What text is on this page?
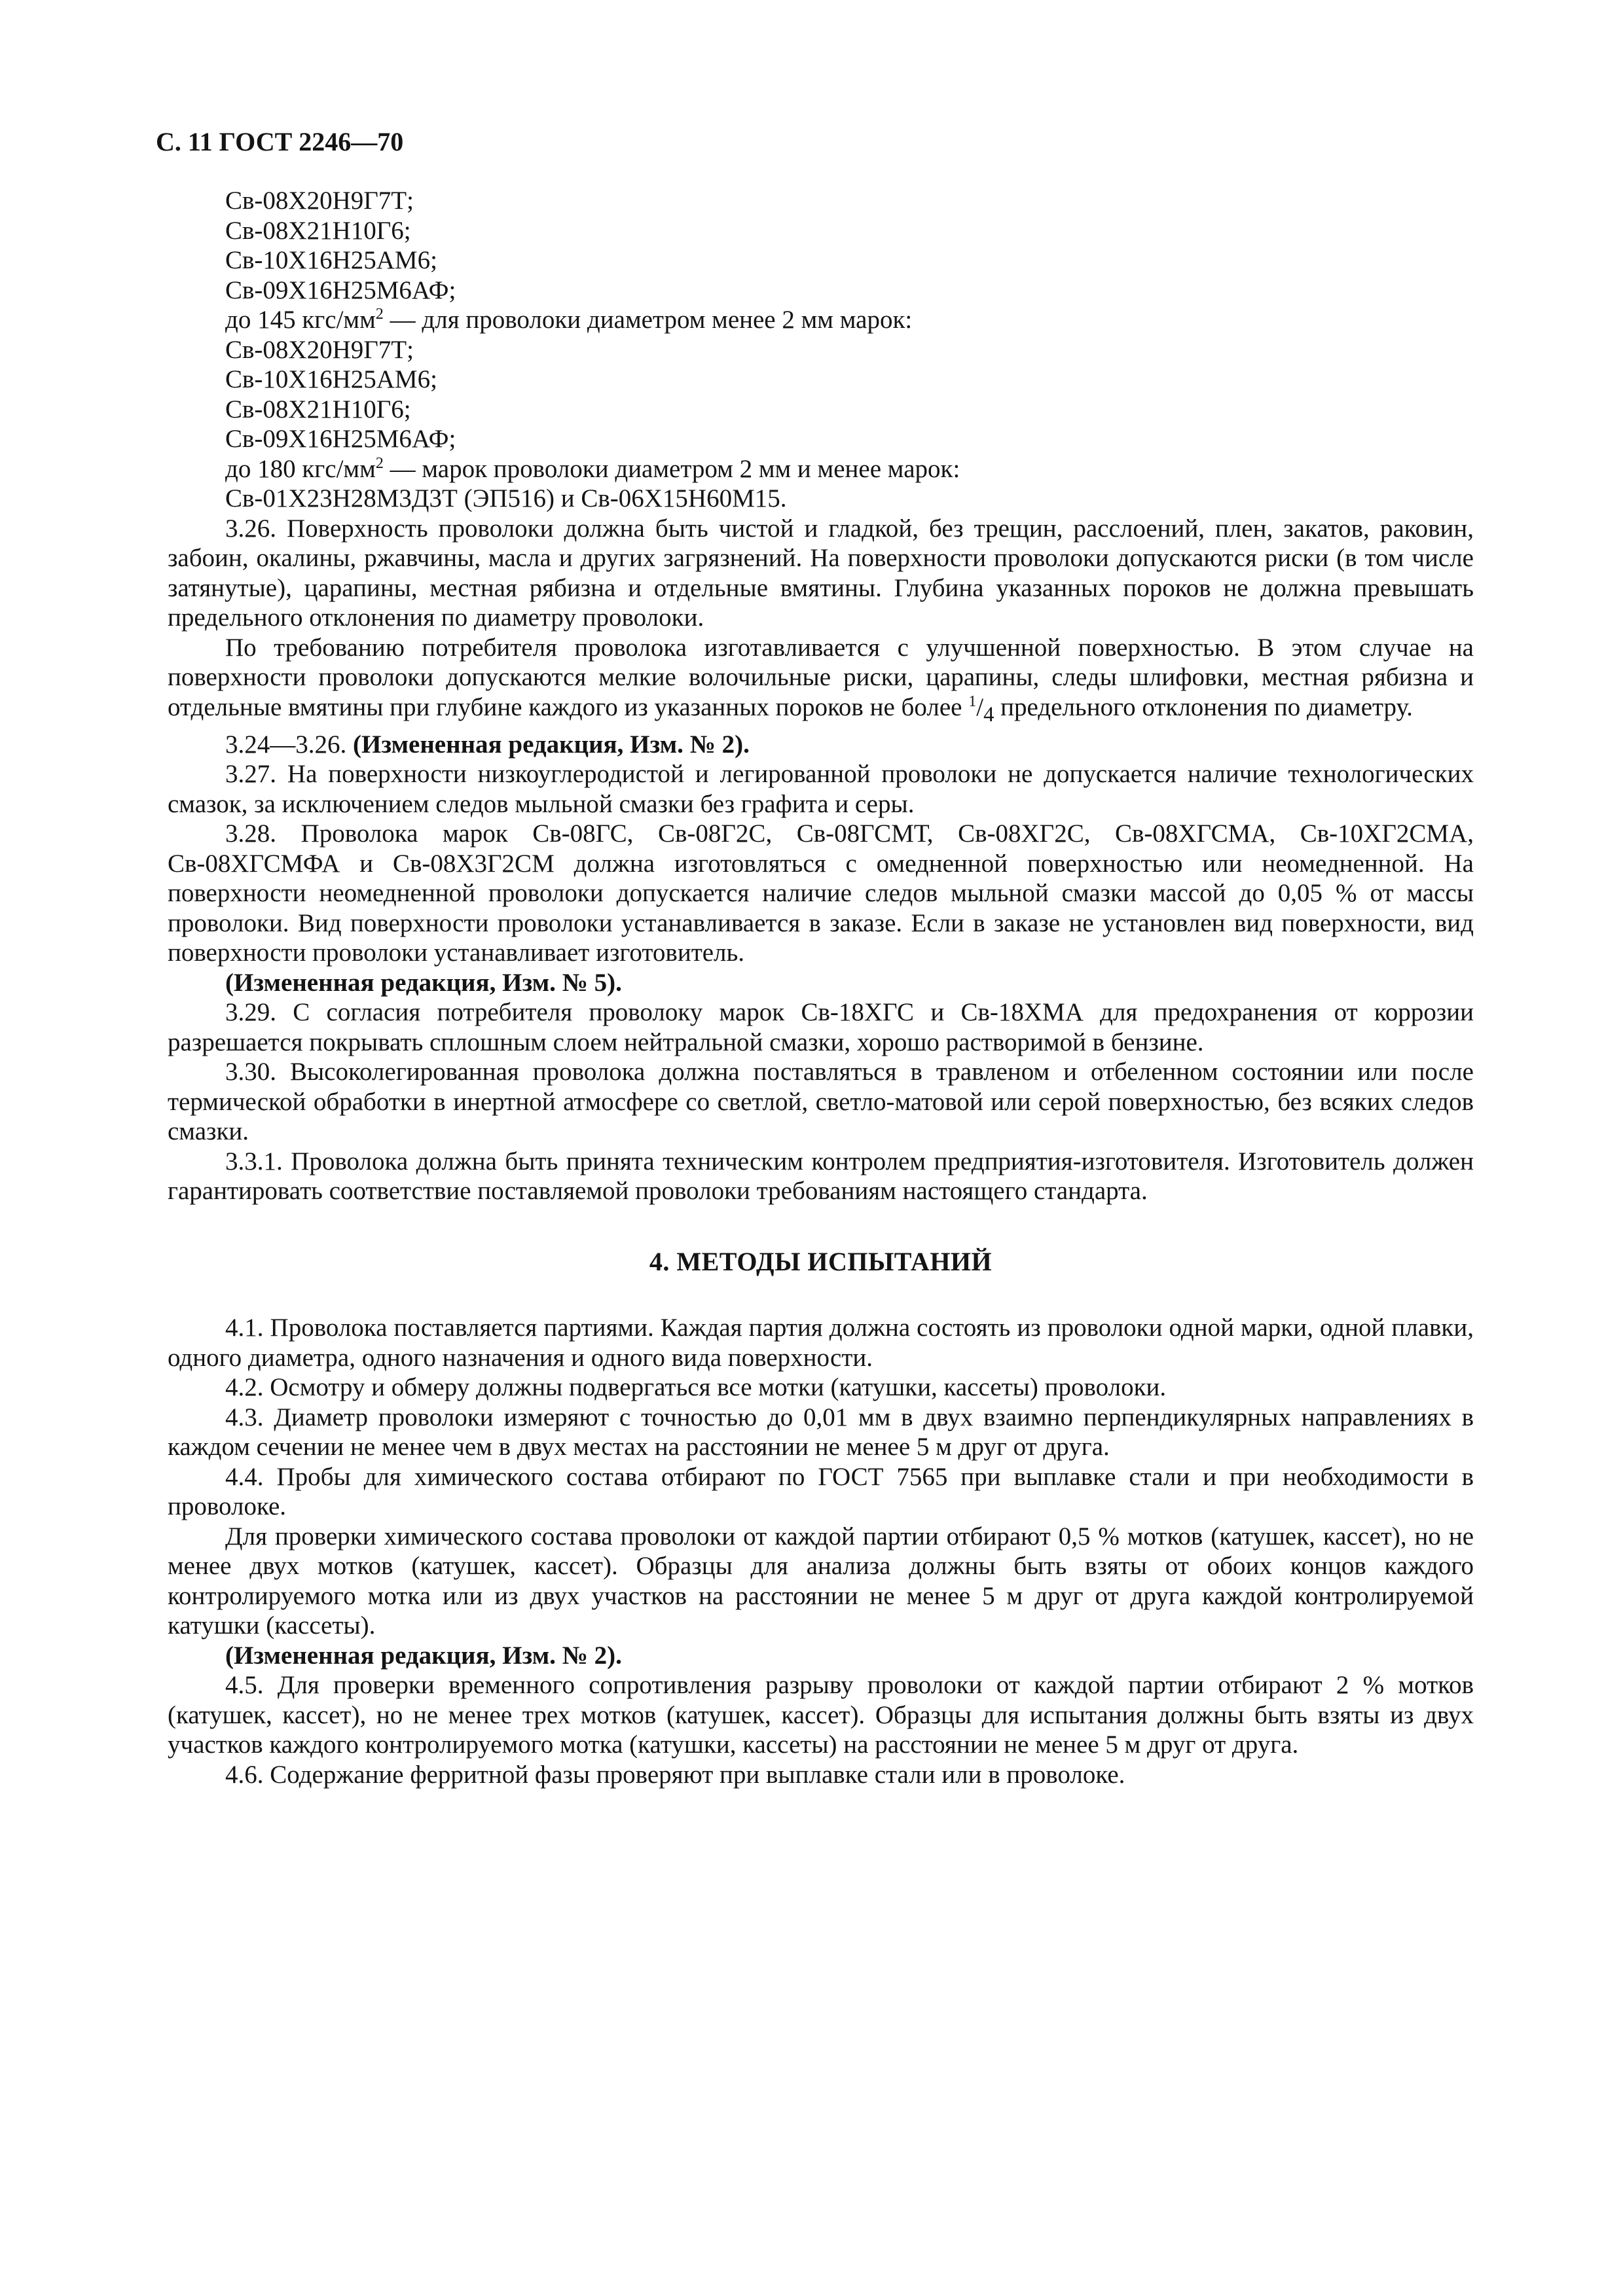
С. 11 ГОСТ 2246—70
Св-08Х20Н9Г7Т;
Св-08Х21Н10Г6;
Св-10Х16Н25АМ6;
Св-09Х16Н25М6АФ;
до 145 кгс/$мм^2$ — для проволоки диаметром менее 2 мм марок:
Св-08Х20Н9Г7Т;
Св-10Х16Н25АМ6;
Св-08Х21Н10Г6;
Св-09Х16Н25М6АФ;
до 180 кгс/$мм^2$ — марок проволоки диаметром 2 мм и менее марок:
Св-01Х23Н28М3Д3Т (ЭП516) и Св-06Х15Н60М15.

3.26. Поверхность проволоки должна быть чистой и гладкой, без трещин, расслоений, плен, закатов, раковин, забоин, окалины, ржавчины, масла и других загрязнений. На поверхности проволоки допускаются риски (в том числе затянутые), царапины, местная рябизна и отдельные вмятины. Глубина указанных пороков не должна превышать предельного отклонения по диаметру проволоки.

По требованию потребителя проволока изготавливается с улучшенной поверхностью. В этом случае на поверхности проволоки допускаются мелкие волочильные риски, царапины, следы шлифовки, местная рябизна и отдельные вмятины при глубине каждого из указанных пороков не более $^1/_4$ предельного отклонения по диаметру.

3.24—3.26. (Измененная редакция, Изм. № 2).

3.27. На поверхности низкоуглеродистой и легированной проволоки не допускается наличие технологических смазок, за исключением следов мыльной смазки без графита и серы.

3.28. Проволока марок Св-08ГС, Св-08Г2С, Св-08ГСМТ, Св-08ХГ2С, Св-08ХГСМА, Св-10ХГ2СМА, Св-08ХГСМФА и Св-08Х3Г2СМ должна изготовляться с омедненной поверхностью или неомедненной. На поверхности неомедненной проволоки допускается наличие следов мыльной смазки массой до 0,05 % от массы проволоки. Вид поверхности проволоки устанавливается в заказе. Если в заказе не установлен вид поверхности, вид поверхности проволоки устанавливает изготовитель.

(Измененная редакция, Изм. № 5).

3.29. С согласия потребителя проволоку марок Св-18ХГС и Св-18ХМА для предохранения от коррозии разрешается покрывать сплошным слоем нейтральной смазки, хорошо растворимой в бензине.

3.30. Высоколегированная проволока должна поставляться в травленом и отбеленном состоянии или после термической обработки в инертной атмосфере со светлой, светло-матовой или серой поверхностью, без всяких следов смазки.

3.3.1. Проволока должна быть принята техническим контролем предприятия-изготовителя. Изготовитель должен гарантировать соответствие поставляемой проволоки требованиям настоящего стандарта.

4. МЕТОДЫ ИСПЫТАНИЙ

4.1. Проволока поставляется партиями. Каждая партия должна состоять из проволоки одной марки, одной плавки, одного диаметра, одного назначения и одного вида поверхности.

4.2. Осмотру и обмеру должны подвергаться все мотки (катушки, кассеты) проволоки.

4.3. Диаметр проволоки измеряют с точностью до 0,01 мм в двух взаимно перпендикулярных направлениях в каждом сечении не менее чем в двух местах на расстоянии не менее 5 м друг от друга.

4.4. Пробы для химического состава отбирают по ГОСТ 7565 при выплавке стали и при необходимости в проволоке.

Для проверки химического состава проволоки от каждой партии отбирают 0,5 % мотков (катушек, кассет), но не менее двух мотков (катушек, кассет). Образцы для анализа должны быть взяты от обоих концов каждого контролируемого мотка или из двух участков на расстоянии не менее 5 м друг от друга каждой контролируемой катушки (кассеты).

(Измененная редакция, Изм. № 2).

4.5. Для проверки временного сопротивления разрыву проволоки от каждой партии отбирают 2 % мотков (катушек, кассет), но не менее трех мотков (катушек, кассет). Образцы для испытания должны быть взяты из двух участков каждого контролируемого мотка (катушки, кассеты) на расстоянии не менее 5 м друг от друга.

4.6. Содержание ферритной фазы проверяют при выплавке стали или в проволоке.
